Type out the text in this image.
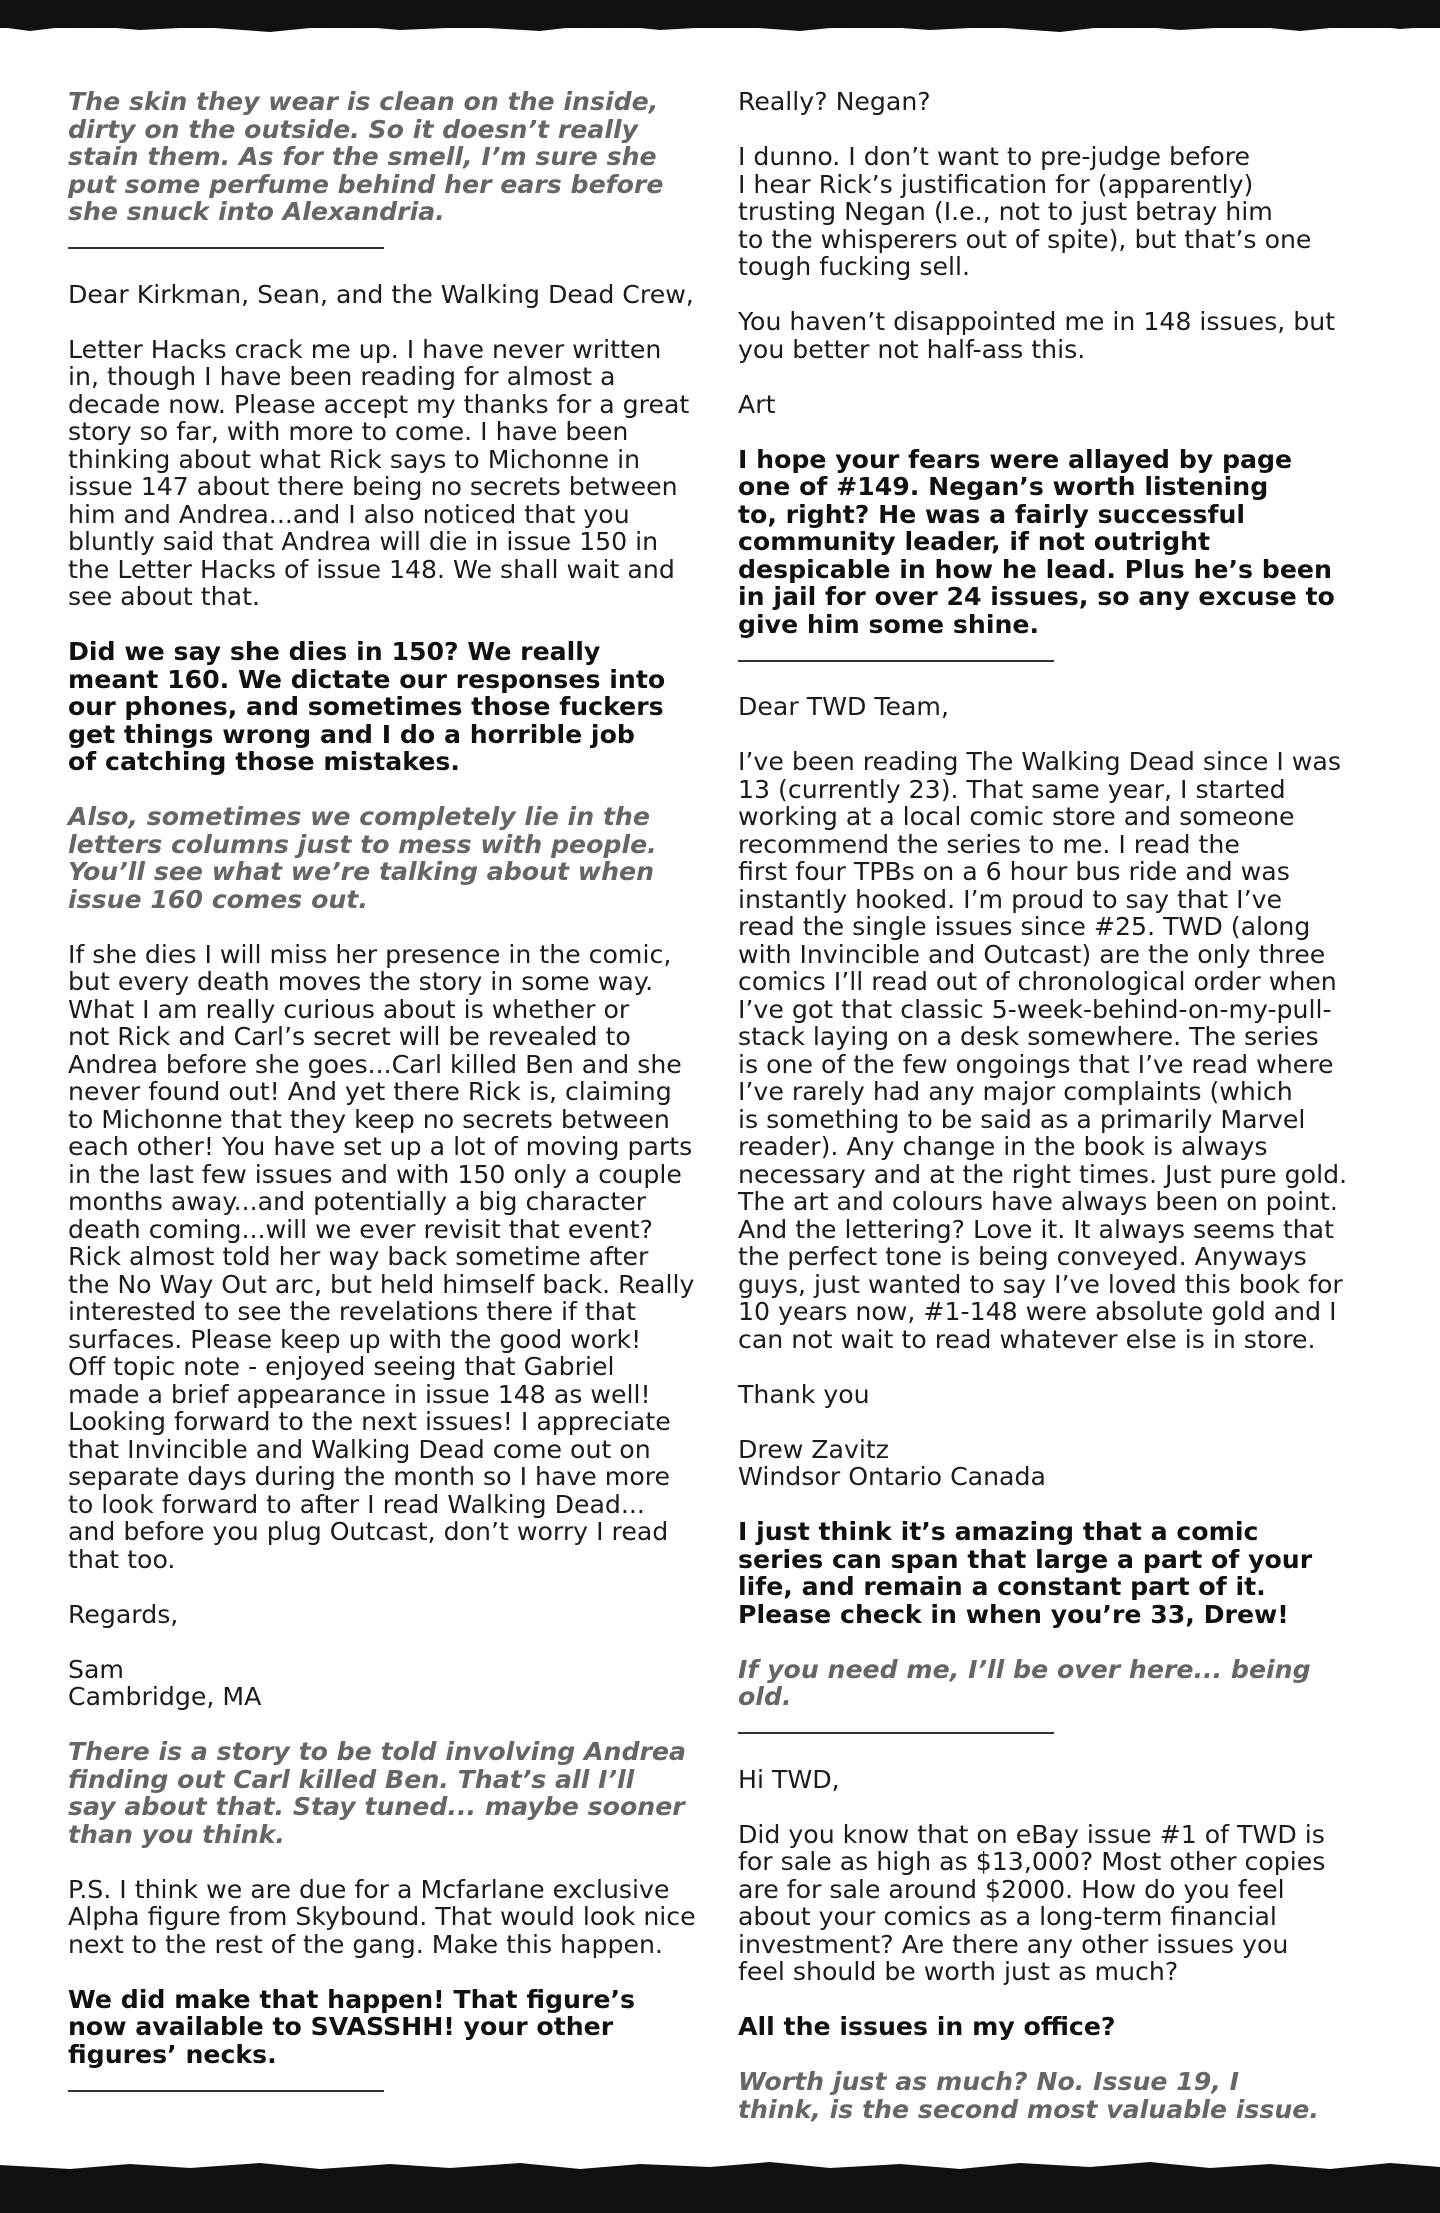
The skin they wear is clean on the inside,
dirty on the outside. So it doesn’t really
stain them. As for the smell, I’m sure she
put some perfume behind her ears before
she snuck into Alexandria.
Dear Kirkman, Sean, and the Walking Dead Crew,
Letter Hacks crack me up. I have never written
in, though I have been reading for almost a
decade now. Please accept my thanks for a great
story so far, with more to come. I have been
thinking about what Rick says to Michonne in
issue 147 about there being no secrets between
him and Andrea...and I also noticed that you
bluntly said that Andrea will die in issue 150 in
the Letter Hacks of issue 148. We shall wait and
see about that.
Did we say she dies in 150? We really
meant 160. We dictate our responses into
our phones, and sometimes those fuckers
get things wrong and I do a horrible job
of catching those mistakes.
Also, sometimes we completely lie in the
letters columns just to mess with people.
You’ll see what we’re talking about when
issue 160 comes out.
If she dies I will miss her presence in the comic,
but every death moves the story in some way.
What I am really curious about is whether or
not Rick and Carl’s secret will be revealed to
Andrea before she goes...Carl killed Ben and she
never found out! And yet there Rick is, claiming
to Michonne that they keep no secrets between
each other! You have set up a lot of moving parts
in the last few issues and with 150 only a couple
months away...and potentially a big character
death coming...will we ever revisit that event?
Rick almost told her way back sometime after
the No Way Out arc, but held himself back. Really
interested to see the revelations there if that
surfaces. Please keep up with the good work!
Off topic note - enjoyed seeing that Gabriel
made a brief appearance in issue 148 as well!
Looking forward to the next issues! I appreciate
that Invincible and Walking Dead come out on
separate days during the month so I have more
to look forward to after I read Walking Dead...
and before you plug Outcast, don’t worry I read
that too.
Regards,
Sam
Cambridge, MA
There is a story to be told involving Andrea
finding out Carl killed Ben. That’s all I’ll
say about that. Stay tuned... maybe sooner
than you think.
P.S. I think we are due for a Mcfarlane exclusive
Alpha figure from Skybound. That would look nice
next to the rest of the gang. Make this happen.
We did make that happen! That figure’s
now available to SVASSHH! your other
figures’ necks.
Really? Negan?
I dunno. I don’t want to pre-judge before
I hear Rick’s justification for (apparently)
trusting Negan (I.e., not to just betray him
to the whisperers out of spite), but that’s one
tough fucking sell.
You haven’t disappointed me in 148 issues, but
you better not half-ass this.
Art
I hope your fears were allayed by page
one of #149. Negan’s worth listening
to, right? He was a fairly successful
community leader, if not outright
despicable in how he lead. Plus he’s been
in jail for over 24 issues, so any excuse to
give him some shine.
Dear TWD Team,
I’ve been reading The Walking Dead since I was
13 (currently 23). That same year, I started
working at a local comic store and someone
recommend the series to me. I read the
first four TPBs on a 6 hour bus ride and was
instantly hooked. I’m proud to say that I’ve
read the single issues since #25. TWD (along
with Invincible and Outcast) are the only three
comics I’ll read out of chronological order when
I’ve got that classic 5-week-behind-on-my-pull-
stack laying on a desk somewhere. The series
is one of the few ongoings that I’ve read where
I’ve rarely had any major complaints (which
is something to be said as a primarily Marvel
reader). Any change in the book is always
necessary and at the right times. Just pure gold.
The art and colours have always been on point.
And the lettering? Love it. It always seems that
the perfect tone is being conveyed. Anyways
guys, just wanted to say I’ve loved this book for
10 years now, #1-148 were absolute gold and I
can not wait to read whatever else is in store.
Thank you
Drew Zavitz
Windsor Ontario Canada
I just think it’s amazing that a comic
series can span that large a part of your
life, and remain a constant part of it.
Please check in when you’re 33, Drew!
If you need me, I’ll be over here... being
old.
Hi TWD,
Did you know that on eBay issue #1 of TWD is
for sale as high as $13,000? Most other copies
are for sale around $2000. How do you feel
about your comics as a long-term financial
investment? Are there any other issues you
feel should be worth just as much?
All the issues in my office?
Worth just as much? No. Issue 19, I
think, is the second most valuable issue.
